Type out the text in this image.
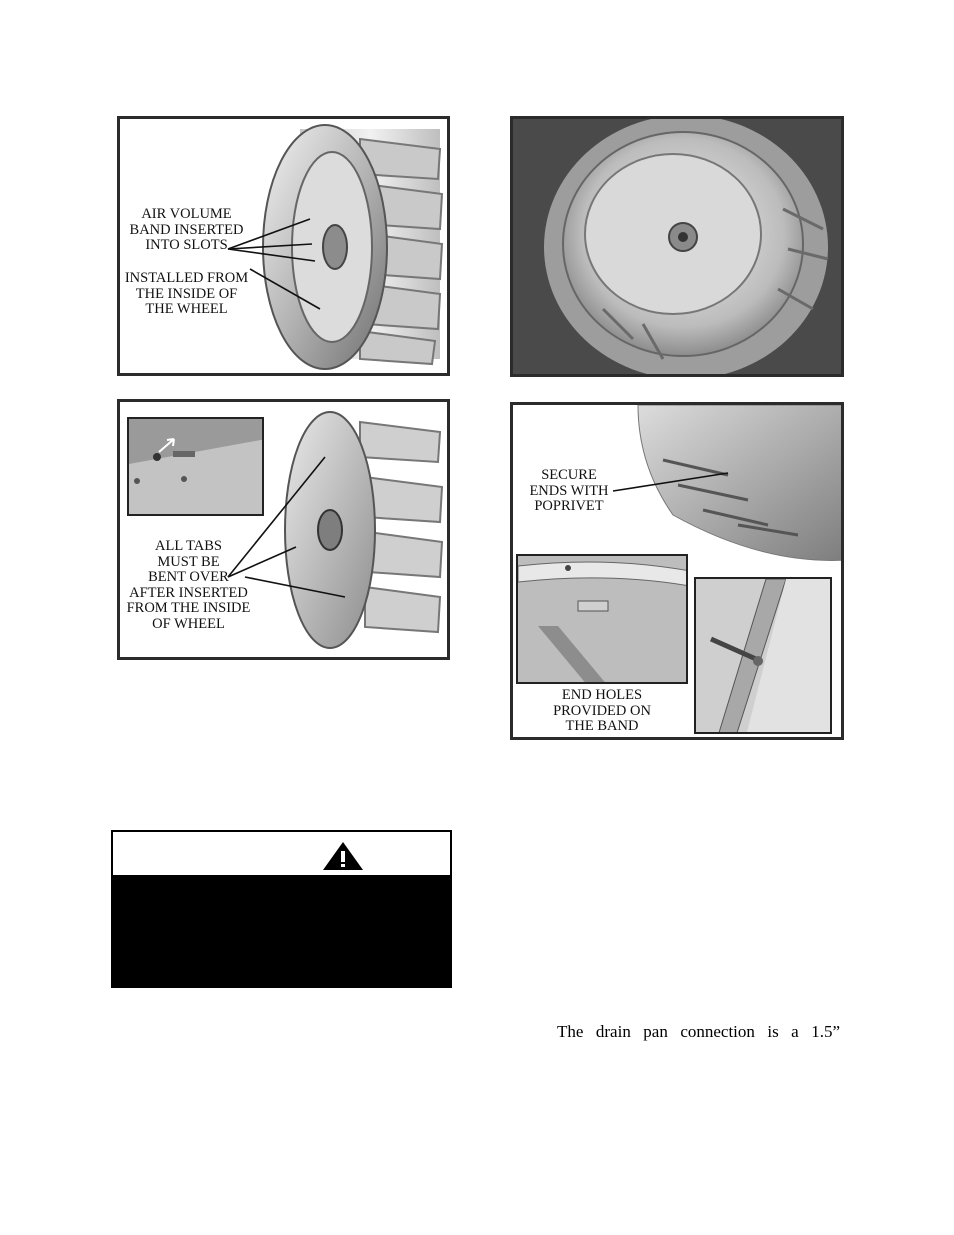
AIR VOLUME
BAND INSERTED
INTO SLOTS
INSTALLED FROM
THE INSIDE OF
THE WHEEL
ALL TABS
MUST BE
BENT OVER
AFTER INSERTED
FROM THE INSIDE
OF WHEEL
SECURE
ENDS WITH
POPRIVET
END HOLES
PROVIDED ON
THE BAND
The drain pan connection is a 1.5”
